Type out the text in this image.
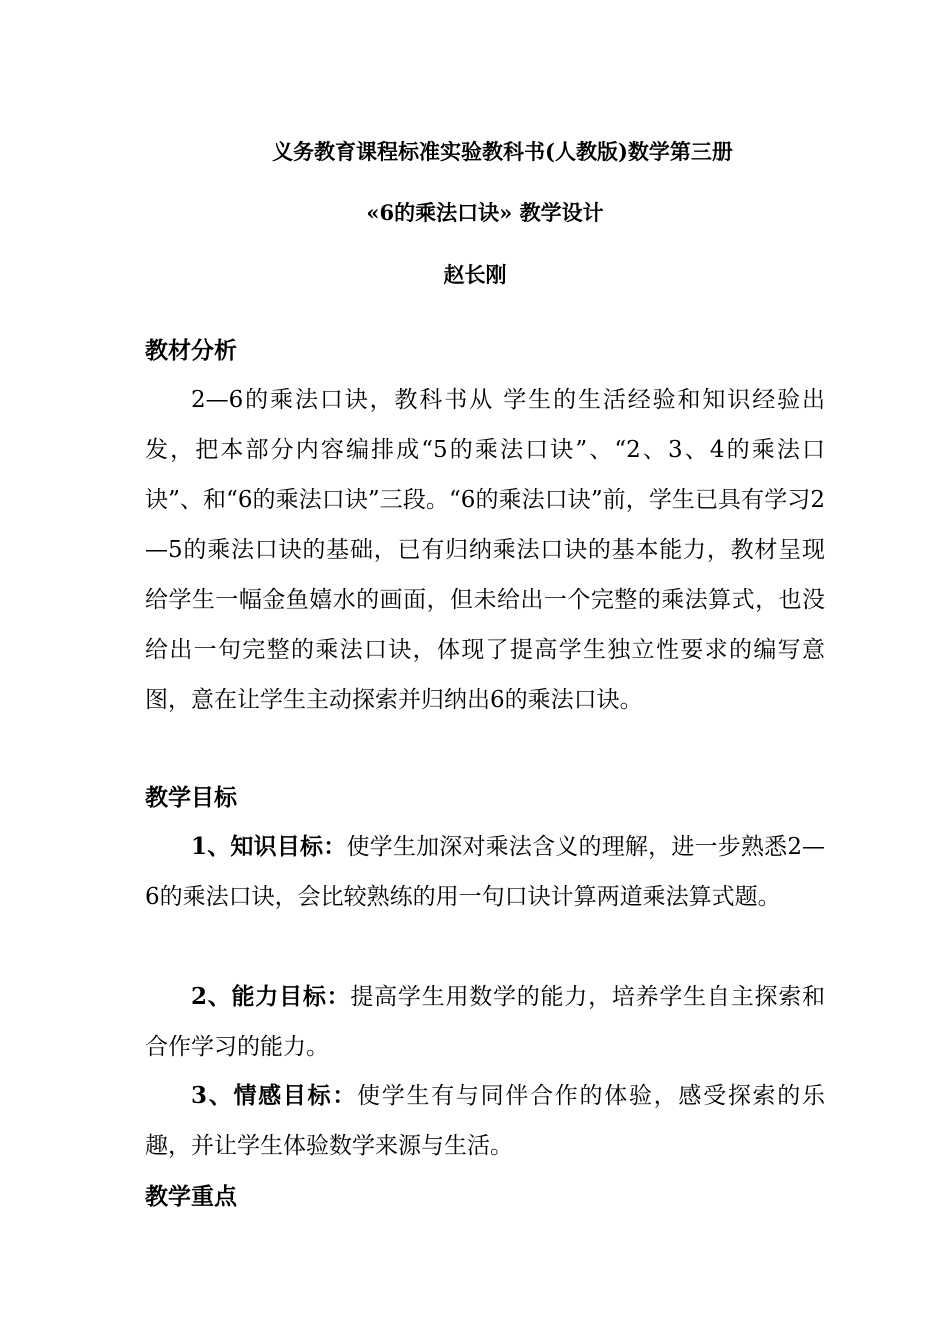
义务教育课程标准实验教科书(人教版)数学第三册
«6的乘法口诀» 教学设计
赵长刚
教材分析
2—6的乘法口诀，教科书从 学生的生活经验和知识经验出发，把本部分内容编排成“5的乘法口诀”、“2、3、4的乘法口诀”、和“6的乘法口诀”三段。“6的乘法口诀”前，学生已具有学习2—5的乘法口诀的基础，已有归纳乘法口诀的基本能力，教材呈现给学生一幅金鱼嬉水的画面，但未给出一个完整的乘法算式，也没给出一句完整的乘法口诀，体现了提高学生独立性要求的编写意图，意在让学生主动探索并归纳出6的乘法口诀。
教学目标
1、知识目标：使学生加深对乘法含义的理解，进一步熟悉2—6的乘法口诀，会比较熟练的用一句口诀计算两道乘法算式题。
2、能力目标：提高学生用数学的能力，培养学生自主探索和合作学习的能力。
3、情感目标：使学生有与同伴合作的体验，感受探索的乐趣，并让学生体验数学来源与生活。
教学重点
